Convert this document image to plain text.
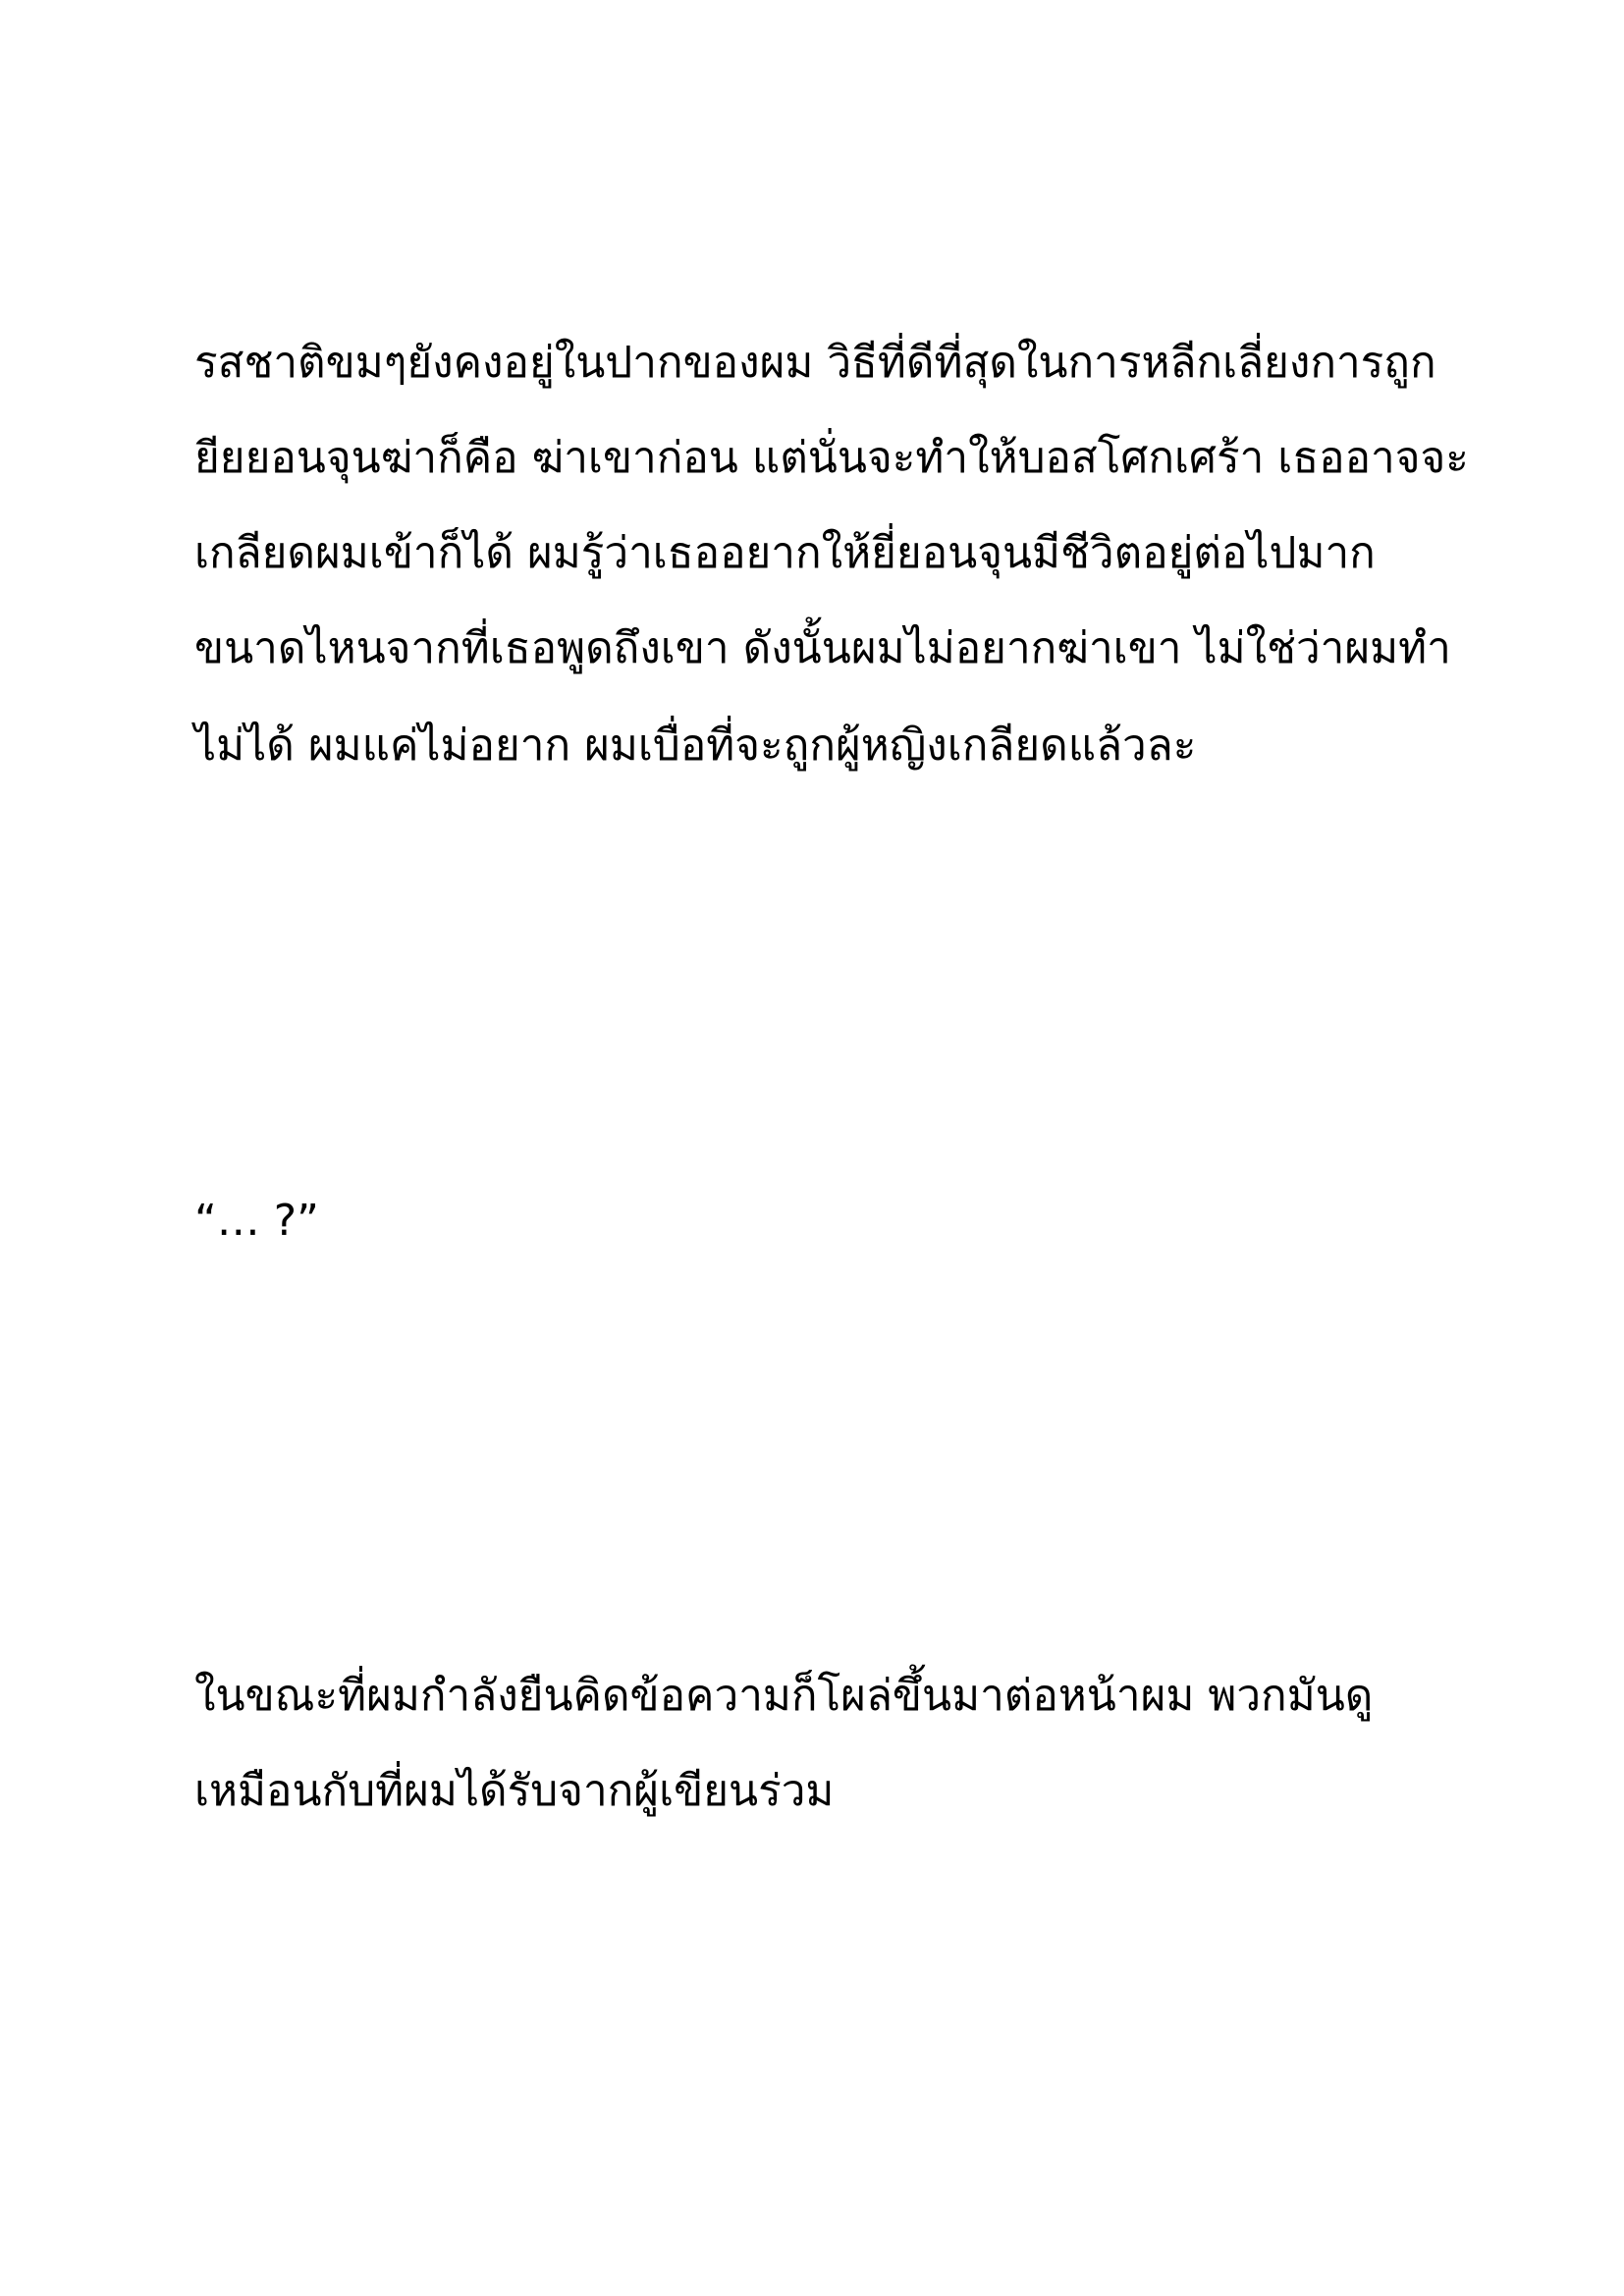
รสชาติขมๆยังคงอยู่ในปากของผม วิธีที่ดีที่สุดในการหลีกเลี่ยงการถูก

ยียยอนจุนฆ่าก็คือ ฆ่าเขาก่อน แต่นั่นจะทำให้บอสโศกเศร้า เธออาจจะ

เกลียดผมเข้าก็ได้ ผมรู้ว่าเธออยากให้ยี่ยอนจุนมีชีวิตอยู่ต่อไปมาก

ขนาดไหนจากที่เธอพูดถึงเขา ดังนั้นผมไม่อยากฆ่าเขา ไม่ใช่ว่าผมทำ

ไม่ได้ ผมแค่ไม่อยาก ผมเบื่อที่จะถูกผู้หญิงเกลียดแล้วละ

“… ?”

ในขณะที่ผมกำลังยืนคิดข้อความก็โผล่ขึ้นมาต่อหน้าผม พวกมันดู

เหมือนกับที่ผมได้รับจากผู้เขียนร่วม
